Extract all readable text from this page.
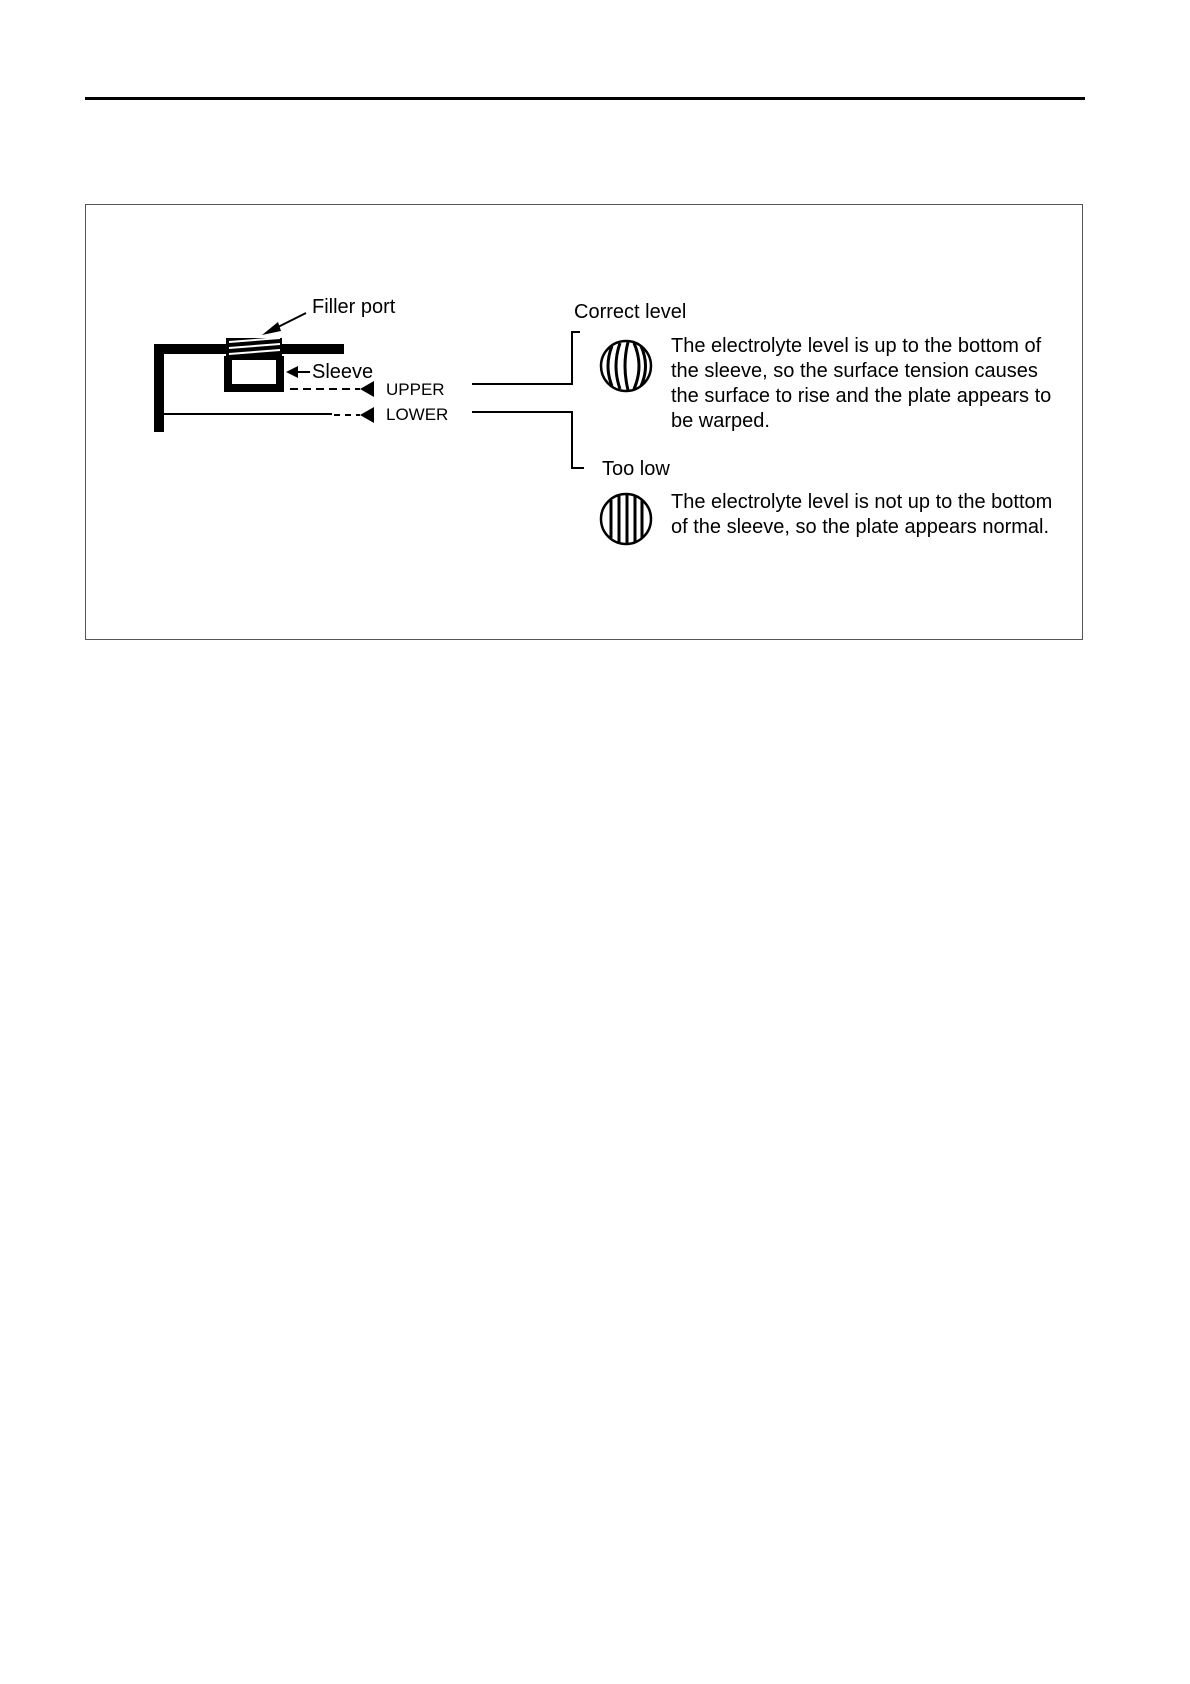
Filler port
Sleeve
UPPER
LOWER
Correct level
Too low
The electrolyte level is up to the bottom of the sleeve, so the surface tension causes the surface to rise and the plate appears to be warped.
The electrolyte level is not up to the bottom of the sleeve, so the plate appears normal.
